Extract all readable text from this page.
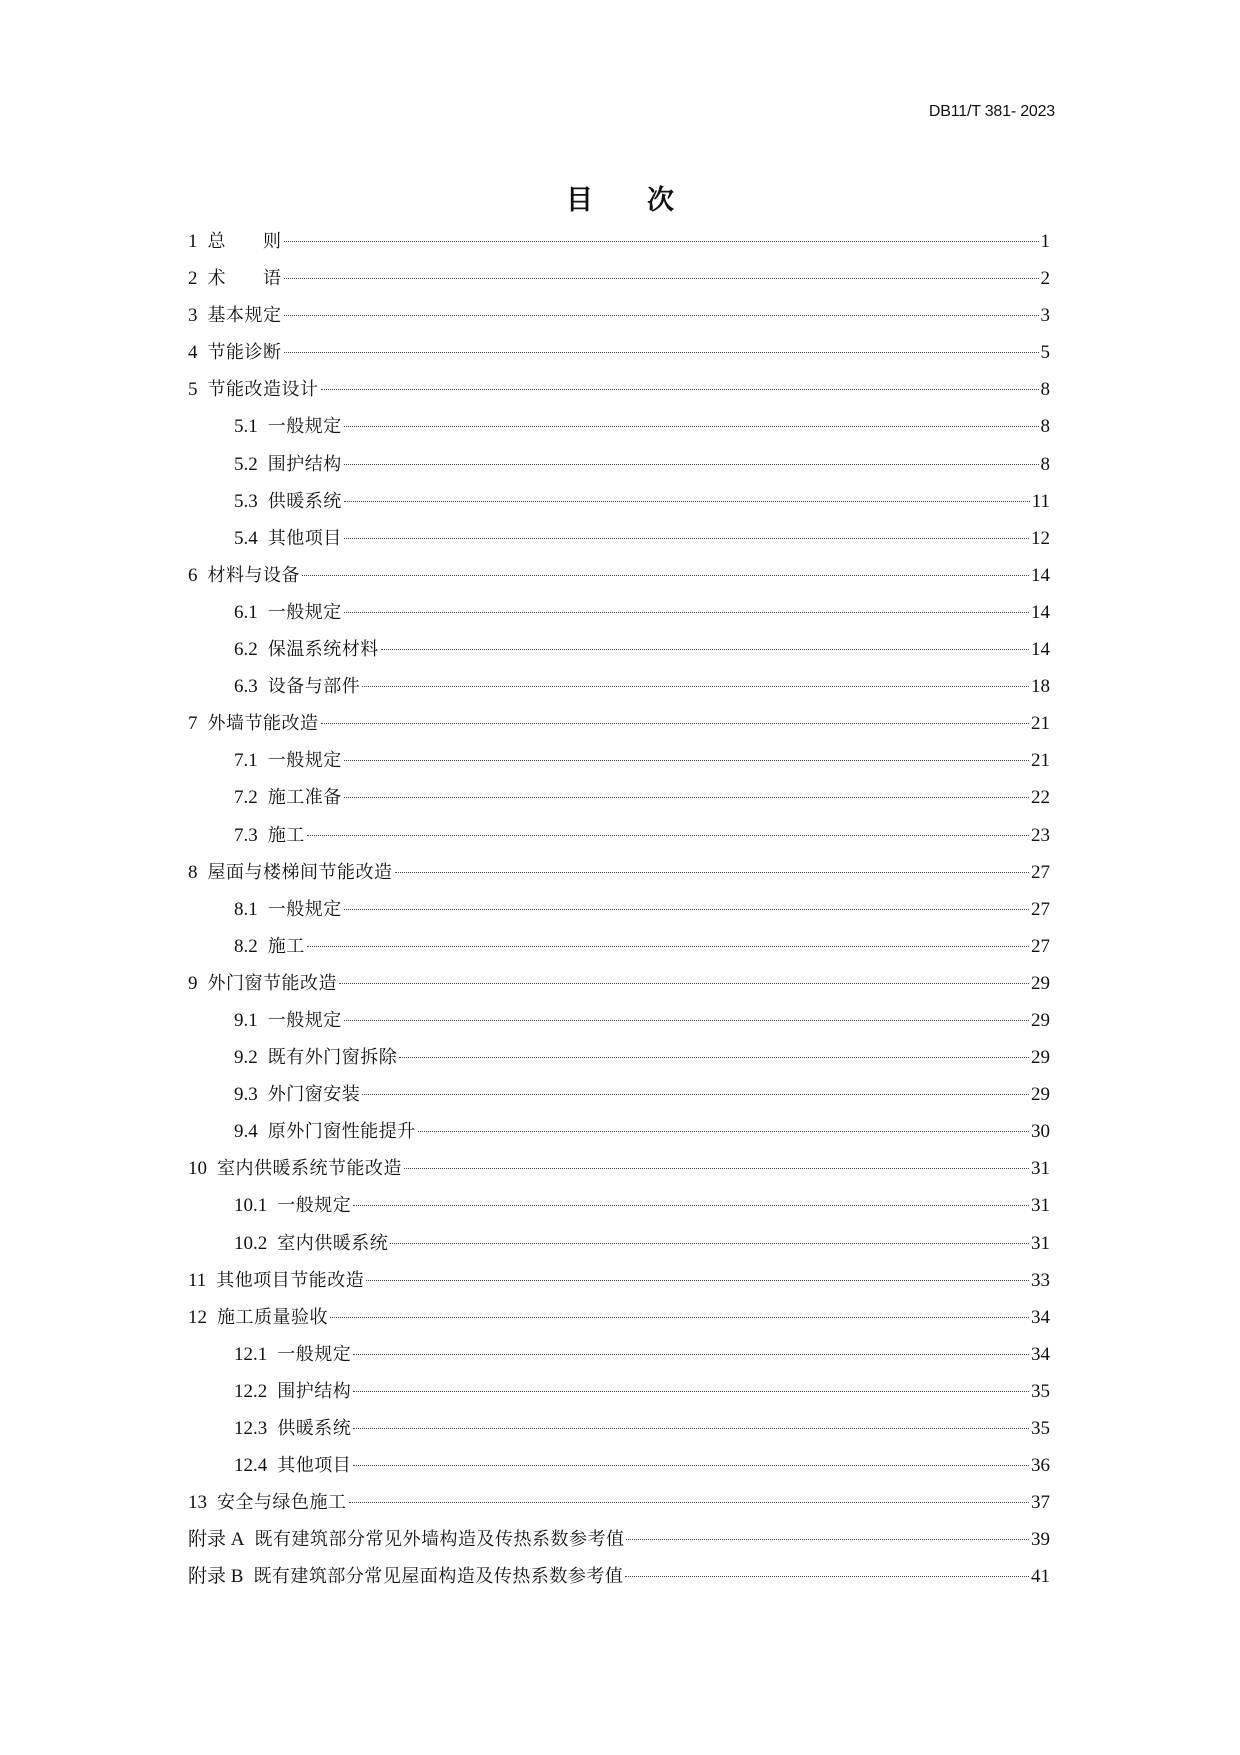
DB11/T 381- 2023
目　　次
1 总　　则	1
2 术　　语	2
3 基本规定	3
4 节能诊断	5
5 节能改造设计	8
5.1 一般规定	8
5.2 围护结构	8
5.3 供暖系统	11
5.4 其他项目	12
6 材料与设备	14
6.1 一般规定	14
6.2 保温系统材料	14
6.3 设备与部件	18
7 外墙节能改造	21
7.1 一般规定	21
7.2 施工准备	22
7.3 施工	23
8 屋面与楼梯间节能改造	27
8.1 一般规定	27
8.2 施工	27
9 外门窗节能改造	29
9.1 一般规定	29
9.2 既有外门窗拆除	29
9.3 外门窗安装	29
9.4 原外门窗性能提升	30
10 室内供暖系统节能改造	31
10.1 一般规定	31
10.2 室内供暖系统	31
11 其他项目节能改造	33
12 施工质量验收	34
12.1 一般规定	34
12.2 围护结构	35
12.3 供暖系统	35
12.4 其他项目	36
13 安全与绿色施工	37
附录 A 既有建筑部分常见外墙构造及传热系数参考值	39
附录 B 既有建筑部分常见屋面构造及传热系数参考值	41
